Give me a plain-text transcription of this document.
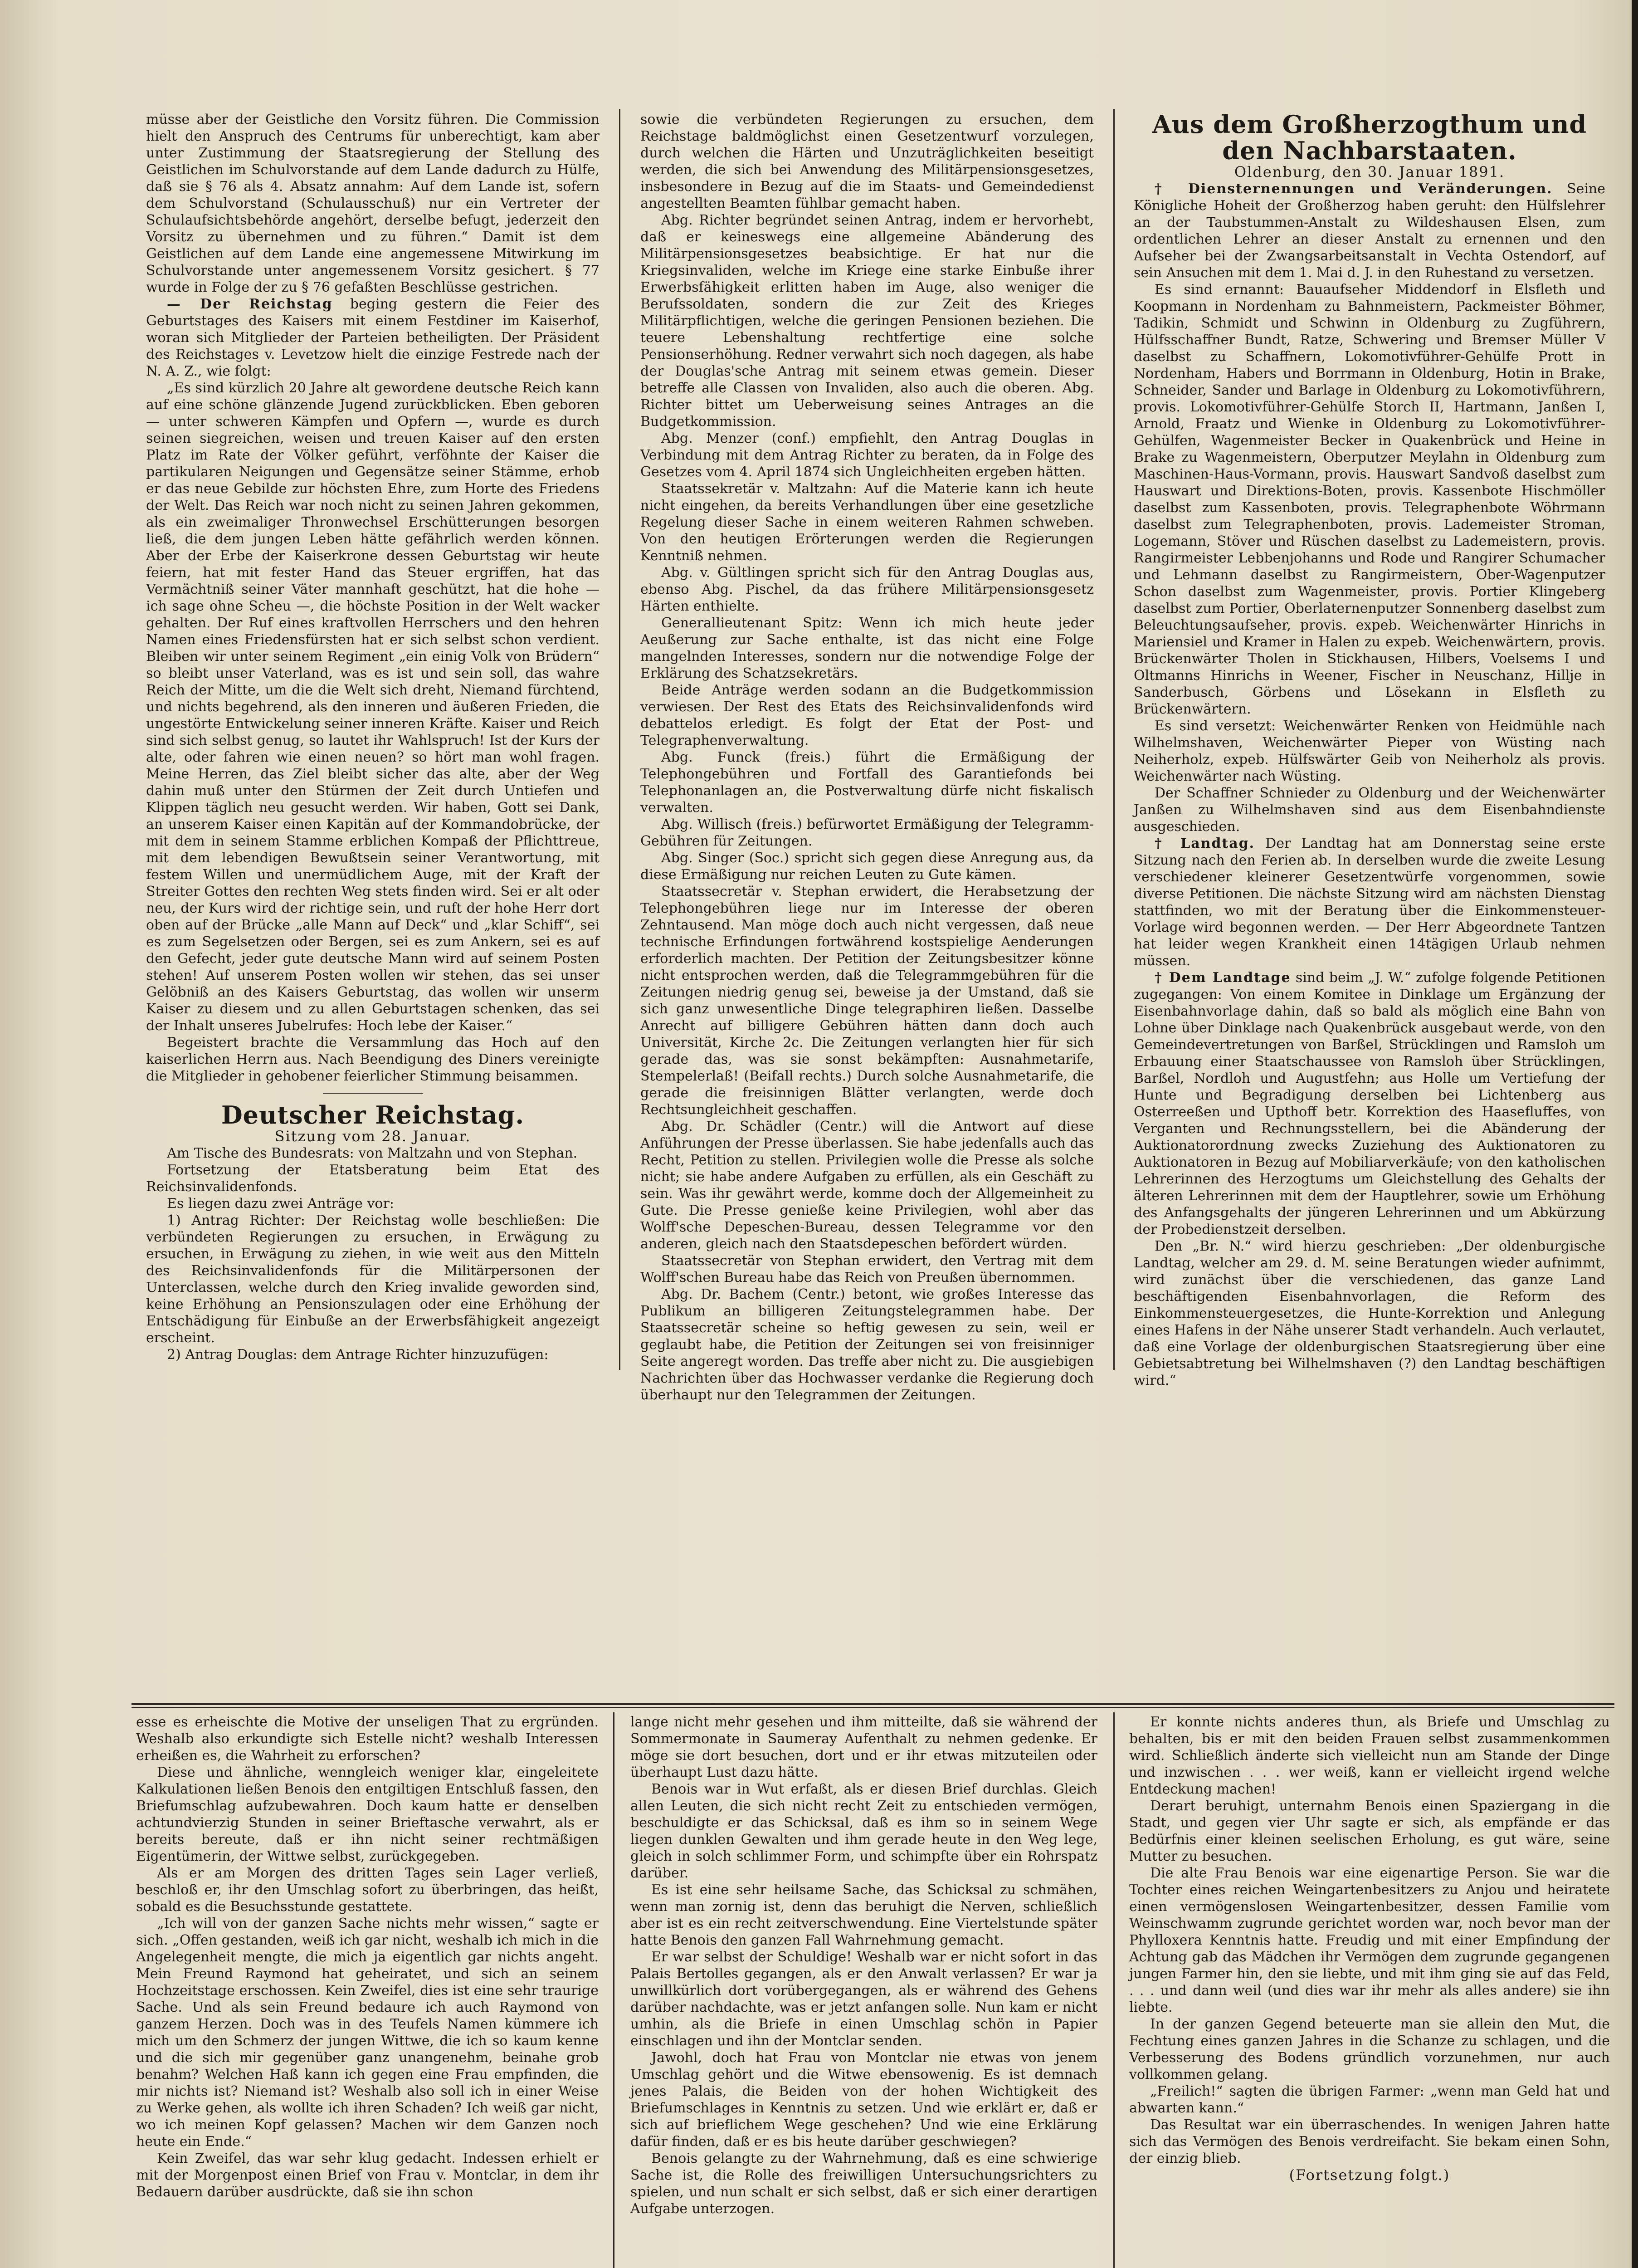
müsse aber der Geistliche den Vorsitz führen. Die Commission hielt den Anspruch des Centrums für unberechtigt, kam aber unter Zustimmung der Staatsregierung der Stellung des Geistlichen im Schulvorstande auf dem Lande dadurch zu Hülfe, daß sie § 76 als 4. Absatz annahm: Auf dem Lande ist, sofern dem Schulvorstand (Schulausschuß) nur ein Vertreter der Schulaufsichtsbehörde angehört, derselbe befugt, jederzeit den Vorsitz zu übernehmen und zu führen.“ Damit ist dem Geistlichen auf dem Lande eine angemessene Mitwirkung im Schulvorstande unter angemessenem Vorsitz gesichert. § 77 wurde in Folge der zu § 76 gefaßten Beschlüsse gestrichen.

— Der Reichstag beging gestern die Feier des Geburtstages des Kaisers mit einem Festdiner im Kaiserhof, woran sich Mitglieder der Parteien betheiligten. Der Präsident des Reichstages v. Levetzow hielt die einzige Festrede nach der N. A. Z., wie folgt:

„Es sind kürzlich 20 Jahre alt gewordene deutsche Reich kann auf eine schöne glänzende Jugend zurückblicken. Eben geboren — unter schweren Kämpfen und Opfern —, wurde es durch seinen siegreichen, weisen und treuen Kaiser auf den ersten Platz im Rate der Völker geführt, verföhnte der Kaiser die partikularen Neigungen und Gegensätze seiner Stämme, erhob er das neue Gebilde zur höchsten Ehre, zum Horte des Friedens der Welt. Das Reich war noch nicht zu seinen Jahren gekommen, als ein zweimaliger Thronwechsel Erschütterungen besorgen ließ, die dem jungen Leben hätte gefährlich werden können. Aber der Erbe der Kaiserkrone dessen Geburtstag wir heute feiern, hat mit fester Hand das Steuer ergriffen, hat das Vermächtniß seiner Väter mannhaft geschützt, hat die hohe — ich sage ohne Scheu —, die höchste Position in der Welt wacker gehalten. Der Ruf eines kraftvollen Herrschers und den hehren Namen eines Friedensfürsten hat er sich selbst schon verdient. Bleiben wir unter seinem Regiment „ein einig Volk von Brüdern“ so bleibt unser Vaterland, was es ist und sein soll, das wahre Reich der Mitte, um die die Welt sich dreht, Niemand fürchtend, und nichts begehrend, als den inneren und äußeren Frieden, die ungestörte Entwickelung seiner inneren Kräfte. Kaiser und Reich sind sich selbst genug, so lautet ihr Wahlspruch! Ist der Kurs der alte, oder fahren wie einen neuen? so hört man wohl fragen. Meine Herren, das Ziel bleibt sicher das alte, aber der Weg dahin muß unter den Stürmen der Zeit durch Untiefen und Klippen täglich neu gesucht werden. Wir haben, Gott sei Dank, an unserem Kaiser einen Kapitän auf der Kommandobrücke, der mit dem in seinem Stamme erblichen Kompaß der Pflichttreue, mit dem lebendigen Bewußtsein seiner Verantwortung, mit festem Willen und unermüdlichem Auge, mit der Kraft der Streiter Gottes den rechten Weg stets finden wird. Sei er alt oder neu, der Kurs wird der richtige sein, und ruft der hohe Herr dort oben auf der Brücke „alle Mann auf Deck“ und „klar Schiff“, sei es zum Segelsetzen oder Bergen, sei es zum Ankern, sei es auf den Gefecht, jeder gute deutsche Mann wird auf seinem Posten stehen! Auf unserem Posten wollen wir stehen, das sei unser Gelöbniß an des Kaisers Geburtstag, das wollen wir unserm Kaiser zu diesem und zu allen Geburtstagen schenken, das sei der Inhalt unseres Jubelrufes: Hoch lebe der Kaiser.“

Begeistert brachte die Versammlung das Hoch auf den kaiserlichen Herrn aus. Nach Beendigung des Diners vereinigte die Mitglieder in gehobener feierlicher Stimmung beisammen.

Deutscher Reichstag.

Sitzung vom 28. Januar.

Am Tische des Bundesrats: von Maltzahn und von Stephan.

Fortsetzung der Etatsberatung beim Etat des Reichsinvalidenfonds.

Es liegen dazu zwei Anträge vor:

1) Antrag Richter: Der Reichstag wolle beschließen: Die verbündeten Regierungen zu ersuchen, in Erwägung zu ersuchen, in Erwägung zu ziehen, in wie weit aus den Mitteln des Reichsinvalidenfonds für die Militärpersonen der Unterclassen, welche durch den Krieg invalide geworden sind, keine Erhöhung an Pensionszulagen oder eine Erhöhung der Entschädigung für Einbuße an der Erwerbsfähigkeit angezeigt erscheint.

2) Antrag Douglas: dem Antrage Richter hinzuzufügen:

sowie die verbündeten Regierungen zu ersuchen, dem Reichstage baldmöglichst einen Gesetzentwurf vorzulegen, durch welchen die Härten und Unzuträglichkeiten beseitigt werden, die sich bei Anwendung des Militärpensionsgesetzes, insbesondere in Bezug auf die im Staats- und Gemeindedienst angestellten Beamten fühlbar gemacht haben.

Abg. Richter begründet seinen Antrag, indem er hervorhebt, daß er keineswegs eine allgemeine Abänderung des Militärpensionsgesetzes beabsichtige. Er hat nur die Kriegsinvaliden, welche im Kriege eine starke Einbuße ihrer Erwerbsfähigkeit erlitten haben im Auge, also weniger die Berufssoldaten, sondern die zur Zeit des Krieges Militärpflichtigen, welche die geringen Pensionen beziehen. Die teuere Lebenshaltung rechtfertige eine solche Pensionserhöhung. Redner verwahrt sich noch dagegen, als habe der Douglas'sche Antrag mit seinem etwas gemein. Dieser betreffe alle Classen von Invaliden, also auch die oberen. Abg. Richter bittet um Ueberweisung seines Antrages an die Budgetkommission.

Abg. Menzer (conf.) empfiehlt, den Antrag Douglas in Verbindung mit dem Antrag Richter zu beraten, da in Folge des Gesetzes vom 4. April 1874 sich Ungleichheiten ergeben hätten.

Staatssekretär v. Maltzahn: Auf die Materie kann ich heute nicht eingehen, da bereits Verhandlungen über eine gesetzliche Regelung dieser Sache in einem weiteren Rahmen schweben. Von den heutigen Erörterungen werden die Regierungen Kenntniß nehmen.

Abg. v. Gültlingen spricht sich für den Antrag Douglas aus, ebenso Abg. Pischel, da das frühere Militärpensionsgesetz Härten enthielte.

Generallieutenant Spitz: Wenn ich mich heute jeder Aeußerung zur Sache enthalte, ist das nicht eine Folge mangelnden Interesses, sondern nur die notwendige Folge der Erklärung des Schatzsekretärs.

Beide Anträge werden sodann an die Budgetkommission verwiesen. Der Rest des Etats des Reichsinvalidenfonds wird debattelos erledigt. Es folgt der Etat der Post- und Telegraphenverwaltung.

Abg. Funck (freis.) führt die Ermäßigung der Telephongebühren und Fortfall des Garantiefonds bei Telephonanlagen an, die Postverwaltung dürfe nicht fiskalisch verwalten.

Abg. Willisch (freis.) befürwortet Ermäßigung der Telegramm-Gebühren für Zeitungen.

Abg. Singer (Soc.) spricht sich gegen diese Anregung aus, da diese Ermäßigung nur reichen Leuten zu Gute kämen.

Staatssecretär v. Stephan erwidert, die Herabsetzung der Telephongebühren liege nur im Interesse der oberen Zehntausend. Man möge doch auch nicht vergessen, daß neue technische Erfindungen fortwährend kostspielige Aenderungen erforderlich machten. Der Petition der Zeitungsbesitzer könne nicht entsprochen werden, daß die Telegrammgebühren für die Zeitungen niedrig genug sei, beweise ja der Umstand, daß sie sich ganz unwesentliche Dinge telegraphiren ließen. Dasselbe Anrecht auf billigere Gebühren hätten dann doch auch Universität, Kirche 2c. Die Zeitungen verlangten hier für sich gerade das, was sie sonst bekämpften: Ausnahmetarife, Stempelerlaß! (Beifall rechts.) Durch solche Ausnahmetarife, die gerade die freisinnigen Blätter verlangten, werde doch Rechtsungleichheit geschaffen.

Abg. Dr. Schädler (Centr.) will die Antwort auf diese Anführungen der Presse überlassen. Sie habe jedenfalls auch das Recht, Petition zu stellen. Privilegien wolle die Presse als solche nicht; sie habe andere Aufgaben zu erfüllen, als ein Geschäft zu sein. Was ihr gewährt werde, komme doch der Allgemeinheit zu Gute. Die Presse genieße keine Privilegien, wohl aber das Wolff'sche Depeschen-Bureau, dessen Telegramme vor den anderen, gleich nach den Staatsdepeschen befördert würden.

Staatssecretär von Stephan erwidert, den Vertrag mit dem Wolff'schen Bureau habe das Reich von Preußen übernommen.

Abg. Dr. Bachem (Centr.) betont, wie großes Interesse das Publikum an billigeren Zeitungstelegrammen habe. Der Staatssecretär scheine so heftig gewesen zu sein, weil er geglaubt habe, die Petition der Zeitungen sei von freisinniger Seite angeregt worden. Das treffe aber nicht zu. Die ausgiebigen Nachrichten über das Hochwasser verdanke die Regierung doch überhaupt nur den Telegrammen der Zeitungen.

Aus dem Großherzogthum und den Nachbarstaaten.

Oldenburg, den 30. Januar 1891.

† Diensternennungen und Veränderungen. Seine Königliche Hoheit der Großherzog haben geruht: den Hülfslehrer an der Taubstummen-Anstalt zu Wildeshausen Elsen, zum ordentlichen Lehrer an dieser Anstalt zu ernennen und den Aufseher bei der Zwangsarbeitsanstalt in Vechta Ostendorf, auf sein Ansuchen mit dem 1. Mai d. J. in den Ruhestand zu versetzen.

Es sind ernannt: Bauaufseher Middendorf in Elsfleth und Koopmann in Nordenham zu Bahnmeistern, Packmeister Böhmer, Tadikin, Schmidt und Schwinn in Oldenburg zu Zugführern, Hülfsschaffner Bundt, Ratze, Schwering und Bremser Müller V daselbst zu Schaffnern, Lokomotivführer-Gehülfe Prott in Nordenham, Habers und Borrmann in Oldenburg, Hotin in Brake, Schneider, Sander und Barlage in Oldenburg zu Lokomotivführern, provis. Lokomotivführer-Gehülfe Storch II, Hartmann, Janßen I, Arnold, Fraatz und Wienke in Oldenburg zu Lokomotivführer-Gehülfen, Wagenmeister Becker in Quakenbrück und Heine in Brake zu Wagenmeistern, Oberputzer Meylahn in Oldenburg zum Maschinen-Haus-Vormann, provis. Hauswart Sandvoß daselbst zum Hauswart und Direktions-Boten, provis. Kassenbote Hischmöller daselbst zum Kassenboten, provis. Telegraphenbote Wöhrmann daselbst zum Telegraphenboten, provis. Lademeister Stroman, Logemann, Stöver und Rüschen daselbst zu Lademeistern, provis. Rangirmeister Lebbenjohanns und Rode und Rangirer Schumacher und Lehmann daselbst zu Rangirmeistern, Ober-Wagenputzer Schon daselbst zum Wagenmeister, provis. Portier Klingeberg daselbst zum Portier, Oberlaternenputzer Sonnenberg daselbst zum Beleuchtungsaufseher, provis. expeb. Weichenwärter Hinrichs in Mariensiel und Kramer in Halen zu expeb. Weichenwärtern, provis. Brückenwärter Tholen in Stickhausen, Hilbers, Voelsems I und Oltmanns Hinrichs in Weener, Fischer in Neuschanz, Hillje in Sanderbusch, Görbens und Lösekann in Elsfleth zu Brückenwärtern.

Es sind versetzt: Weichenwärter Renken von Heidmühle nach Wilhelmshaven, Weichenwärter Pieper von Wüsting nach Neiherholz, expeb. Hülfswärter Geib von Neiherholz als provis. Weichenwärter nach Wüsting.

Der Schaffner Schnieder zu Oldenburg und der Weichenwärter Janßen zu Wilhelmshaven sind aus dem Eisenbahndienste ausgeschieden.

† Landtag. Der Landtag hat am Donnerstag seine erste Sitzung nach den Ferien ab. In derselben wurde die zweite Lesung verschiedener kleinerer Gesetzentwürfe vorgenommen, sowie diverse Petitionen. Die nächste Sitzung wird am nächsten Dienstag stattfinden, wo mit der Beratung über die Einkommensteuer-Vorlage wird begonnen werden. — Der Herr Abgeordnete Tantzen hat leider wegen Krankheit einen 14tägigen Urlaub nehmen müssen.

† Dem Landtage sind beim „J. W.“ zufolge folgende Petitionen zugegangen: Von einem Komitee in Dinklage um Ergänzung der Eisenbahnvorlage dahin, daß so bald als möglich eine Bahn von Lohne über Dinklage nach Quakenbrück ausgebaut werde, von den Gemeindevertretungen von Barßel, Strücklingen und Ramsloh um Erbauung einer Staatschaussee von Ramsloh über Strücklingen, Barßel, Nordloh und Augustfehn; aus Holle um Vertiefung der Hunte und Begradigung derselben bei Lichtenberg aus Osterreeßen und Upthoff betr. Korrektion des Haasefluffes, von Verganten und Rechnungsstellern, bei die Abänderung der Auktionatorordnung zwecks Zuziehung des Auktionatoren zu Auktionatoren in Bezug auf Mobiliarverkäufe; von den katholischen Lehrerinnen des Herzogtums um Gleichstellung des Gehalts der älteren Lehrerinnen mit dem der Hauptlehrer, sowie um Erhöhung des Anfangsgehalts der jüngeren Lehrerinnen und um Abkürzung der Probedienstzeit derselben.

Den „Br. N.“ wird hierzu geschrieben: „Der oldenburgische Landtag, welcher am 29. d. M. seine Beratungen wieder aufnimmt, wird zunächst über die verschiedenen, das ganze Land beschäftigenden Eisenbahnvorlagen, die Reform des Einkommensteuergesetzes, die Hunte-Korrektion und Anlegung eines Hafens in der Nähe unserer Stadt verhandeln. Auch verlautet, daß eine Vorlage der oldenburgischen Staatsregierung über eine Gebietsabtretung bei Wilhelmshaven (?) den Landtag beschäftigen wird.“

esse es erheischte die Motive der unseligen That zu ergründen. Weshalb also erkundigte sich Estelle nicht? weshalb Interessen erheißen es, die Wahrheit zu erforschen?

Diese und ähnliche, wenngleich weniger klar, eingeleitete Kalkulationen ließen Benois den entgiltigen Entschluß fassen, den Briefumschlag aufzubewahren. Doch kaum hatte er denselben achtundvierzig Stunden in seiner Brieftasche verwahrt, als er bereits bereute, daß er ihn nicht seiner rechtmäßigen Eigentümerin, der Wittwe selbst, zurückgegeben.

Als er am Morgen des dritten Tages sein Lager verließ, beschloß er, ihr den Umschlag sofort zu überbringen, das heißt, sobald es die Besuchsstunde gestattete.

„Ich will von der ganzen Sache nichts mehr wissen,“ sagte er sich. „Offen gestanden, weiß ich gar nicht, weshalb ich mich in die Angelegenheit mengte, die mich ja eigentlich gar nichts angeht. Mein Freund Raymond hat geheiratet, und sich an seinem Hochzeitstage erschossen. Kein Zweifel, dies ist eine sehr traurige Sache. Und als sein Freund bedaure ich auch Raymond von ganzem Herzen. Doch was in des Teufels Namen kümmere ich mich um den Schmerz der jungen Wittwe, die ich so kaum kenne und die sich mir gegenüber ganz unangenehm, beinahe grob benahm? Welchen Haß kann ich gegen eine Frau empfinden, die mir nichts ist? Niemand ist? Weshalb also soll ich in einer Weise zu Werke gehen, als wollte ich ihren Schaden? Ich weiß gar nicht, wo ich meinen Kopf gelassen? Machen wir dem Ganzen noch heute ein Ende.“

Kein Zweifel, das war sehr klug gedacht. Indessen erhielt er mit der Morgenpost einen Brief von Frau v. Montclar, in dem ihr Bedauern darüber ausdrückte, daß sie ihn schon

lange nicht mehr gesehen und ihm mitteilte, daß sie während der Sommermonate in Saumeray Aufenthalt zu nehmen gedenke. Er möge sie dort besuchen, dort und er ihr etwas mitzuteilen oder überhaupt Lust dazu hätte.

Benois war in Wut erfaßt, als er diesen Brief durchlas. Gleich allen Leuten, die sich nicht recht Zeit zu entschieden vermögen, beschuldigte er das Schicksal, daß es ihm so in seinem Wege liegen dunklen Gewalten und ihm gerade heute in den Weg lege, gleich in solch schlimmer Form, und schimpfte über ein Rohrspatz darüber.

Es ist eine sehr heilsame Sache, das Schicksal zu schmähen, wenn man zornig ist, denn das beruhigt die Nerven, schließlich aber ist es ein recht zeitverschwendung. Eine Viertelstunde später hatte Benois den ganzen Fall Wahrnehmung gemacht.

Er war selbst der Schuldige! Weshalb war er nicht sofort in das Palais Bertolles gegangen, als er den Anwalt verlassen? Er war ja unwillkürlich dort vorübergegangen, als er während des Gehens darüber nachdachte, was er jetzt anfangen solle. Nun kam er nicht umhin, als die Briefe in einen Umschlag schön in Papier einschlagen und ihn der Montclar senden.

Jawohl, doch hat Frau von Montclar nie etwas von jenem Umschlag gehört und die Witwe ebensowenig. Es ist demnach jenes Palais, die Beiden von der hohen Wichtigkeit des Briefumschlages in Kenntnis zu setzen. Und wie erklärt er, daß er sich auf brieflichem Wege geschehen? Und wie eine Erklärung dafür finden, daß er es bis heute darüber geschwiegen?

Benois gelangte zu der Wahrnehmung, daß es eine schwierige Sache ist, die Rolle des freiwilligen Untersuchungsrichters zu spielen, und nun schalt er sich selbst, daß er sich einer derartigen Aufgabe unterzogen.

Er konnte nichts anderes thun, als Briefe und Umschlag zu behalten, bis er mit den beiden Frauen selbst zusammenkommen wird. Schließlich änderte sich vielleicht nun am Stande der Dinge und inzwischen . . . wer weiß, kann er vielleicht irgend welche Entdeckung machen!

Derart beruhigt, unternahm Benois einen Spaziergang in die Stadt, und gegen vier Uhr sagte er sich, als empfände er das Bedürfnis einer kleinen seelischen Erholung, es gut wäre, seine Mutter zu besuchen.

Die alte Frau Benois war eine eigenartige Person. Sie war die Tochter eines reichen Weingartenbesitzers zu Anjou und heiratete einen vermögenslosen Weingartenbesitzer, dessen Familie vom Weinschwamm zugrunde gerichtet worden war, noch bevor man der Phylloxera Kenntnis hatte. Freudig und mit einer Empfindung der Achtung gab das Mädchen ihr Vermögen dem zugrunde gegangenen jungen Farmer hin, den sie liebte, und mit ihm ging sie auf das Feld, . . . und dann weil (und dies war ihr mehr als alles andere) sie ihn liebte.

In der ganzen Gegend beteuerte man sie allein den Mut, die Fechtung eines ganzen Jahres in die Schanze zu schlagen, und die Verbesserung des Bodens gründlich vorzunehmen, nur auch vollkommen gelang.

„Freilich!“ sagten die übrigen Farmer: „wenn man Geld hat und abwarten kann.“

Das Resultat war ein überraschendes. In wenigen Jahren hatte sich das Vermögen des Benois verdreifacht. Sie bekam einen Sohn, der einzig blieb.

(Fortsetzung folgt.)
